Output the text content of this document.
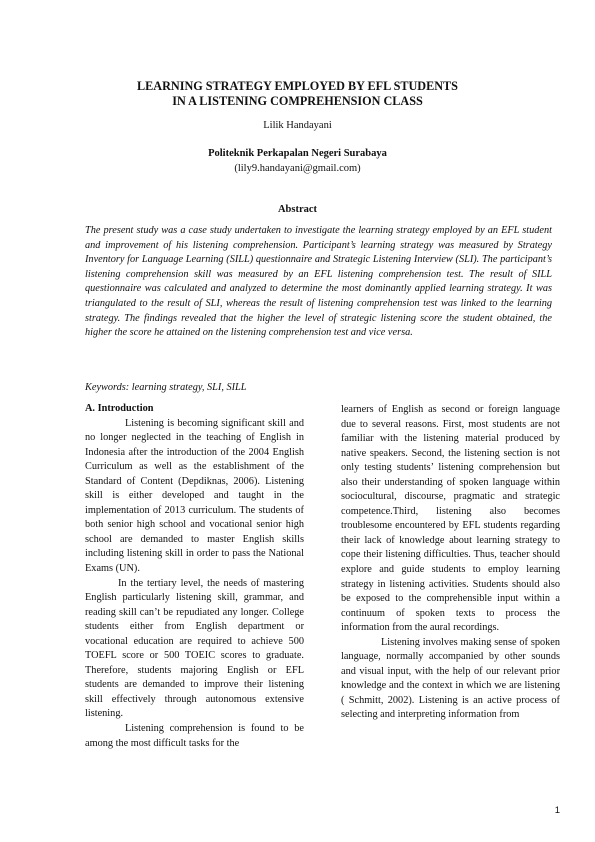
LEARNING STRATEGY EMPLOYED BY EFL STUDENTS
IN A LISTENING COMPREHENSION CLASS
Lilik Handayani
Politeknik Perkapalan Negeri Surabaya
(lily9.handayani@gmail.com)
Abstract

The present study was a case study undertaken to investigate the learning strategy employed by an EFL student and improvement of his listening comprehension. Participant’s learning strategy was measured by Strategy Inventory for Language Learning (SILL) questionnaire and Strategic Listening Interview (SLI). The participant’s listening comprehension skill was measured by an EFL listening comprehension test. The result of SILL questionnaire was calculated and analyzed to determine the most dominantly applied learning strategy. It was triangulated to the result of SLI, whereas the result of listening comprehension test was linked to the learning strategy. The findings revealed that the higher the level of strategic listening score the student obtained, the higher the score he attained on the listening comprehension test and vice versa.

Keywords: learning strategy, SLI, SILL

A. Introduction

Listening is becoming significant skill and no longer neglected in the teaching of English in Indonesia after the introduction of the 2004 English Curriculum as well as the establishment of the Standard of Content (Depdiknas, 2006). Listening skill is either developed and taught in the implementation of 2013 curriculum. The students of both senior high school and vocational senior high school are demanded to master English skills including listening skill in order to pass the National Exams (UN).

In the tertiary level, the needs of mastering English particularly listening skill, grammar, and reading skill can’t be repudiated any longer. College students either from English department or vocational education are required to achieve 500 TOEFL score or 500 TOEIC scores to graduate. Therefore, students majoring English or EFL students are demanded to improve their listening skill effectively through autonomous extensive listening.

Listening comprehension is found to be among the most difficult tasks for the

learners of English as second or foreign language due to several reasons. First, most students are not familiar with the listening material produced by native speakers. Second, the listening section is not only testing students’ listening comprehension but also their understanding of spoken language within sociocultural, discourse, pragmatic and strategic competence.Third, listening also becomes troublesome encountered by EFL students regarding their lack of knowledge about learning strategy to cope their listening difficulties. Thus, teacher should explore and guide students to employ learning strategy in listening activities. Students should also be exposed to the comprehensible input within a continuum of spoken texts to process the information from the aural recordings.

Listening involves making sense of spoken language, normally accompanied by other sounds and visual input, with the help of our relevant prior knowledge and the context in which we are listening ( Schmitt, 2002). Listening is an active process of selecting and interpreting information from

1
